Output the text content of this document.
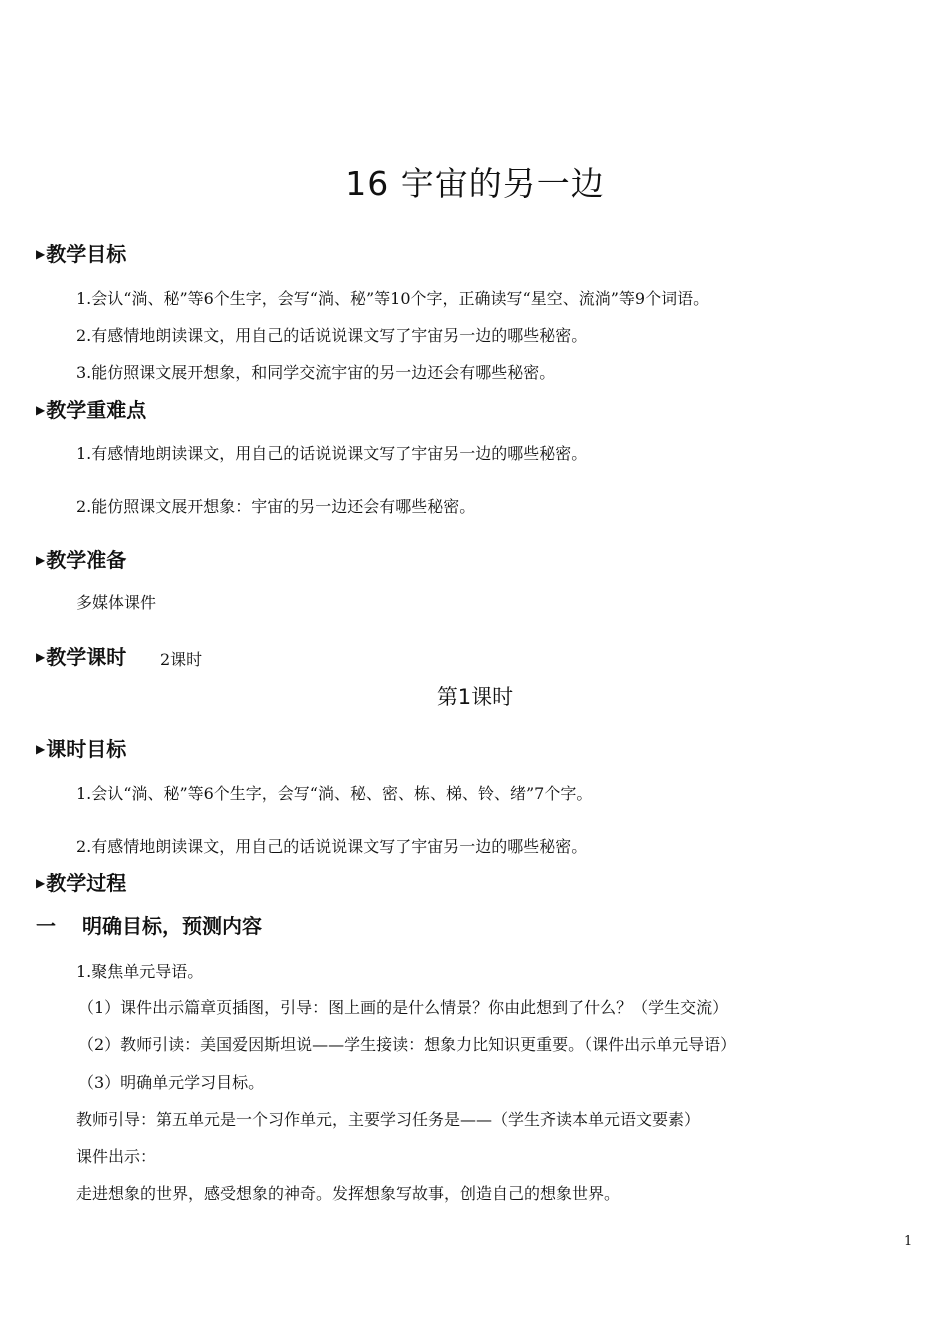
16 宇宙的另一边
▶教学目标
1.会认“淌、秘”等6个生字，会写“淌、秘”等10个字，正确读写“星空、流淌”等9个词语。
2.有感情地朗读课文，用自己的话说说课文写了宇宙另一边的哪些秘密。
3.能仿照课文展开想象，和同学交流宇宙的另一边还会有哪些秘密。
▶教学重难点
1.有感情地朗读课文，用自己的话说说课文写了宇宙另一边的哪些秘密。
2.能仿照课文展开想象：宇宙的另一边还会有哪些秘密。
▶教学准备
多媒体课件
▶教学课时 2课时
第1课时
▶课时目标
1.会认“淌、秘”等6个生字，会写“淌、秘、密、栋、梯、铃、绪”7个字。
2.有感情地朗读课文，用自己的话说说课文写了宇宙另一边的哪些秘密。
▶教学过程
一 明确目标，预测内容
1.聚焦单元导语。
（1）课件出示篇章页插图，引导：图上画的是什么情景？你由此想到了什么？（学生交流）
（2）教师引读：美国爱因斯坦说——学生接读：想象力比知识更重要。（课件出示单元导语）
（3）明确单元学习目标。
教师引导：第五单元是一个习作单元，主要学习任务是——（学生齐读本单元语文要素）
课件出示：
走进想象的世界，感受想象的神奇。发挥想象写故事，创造自己的想象世界。
1
